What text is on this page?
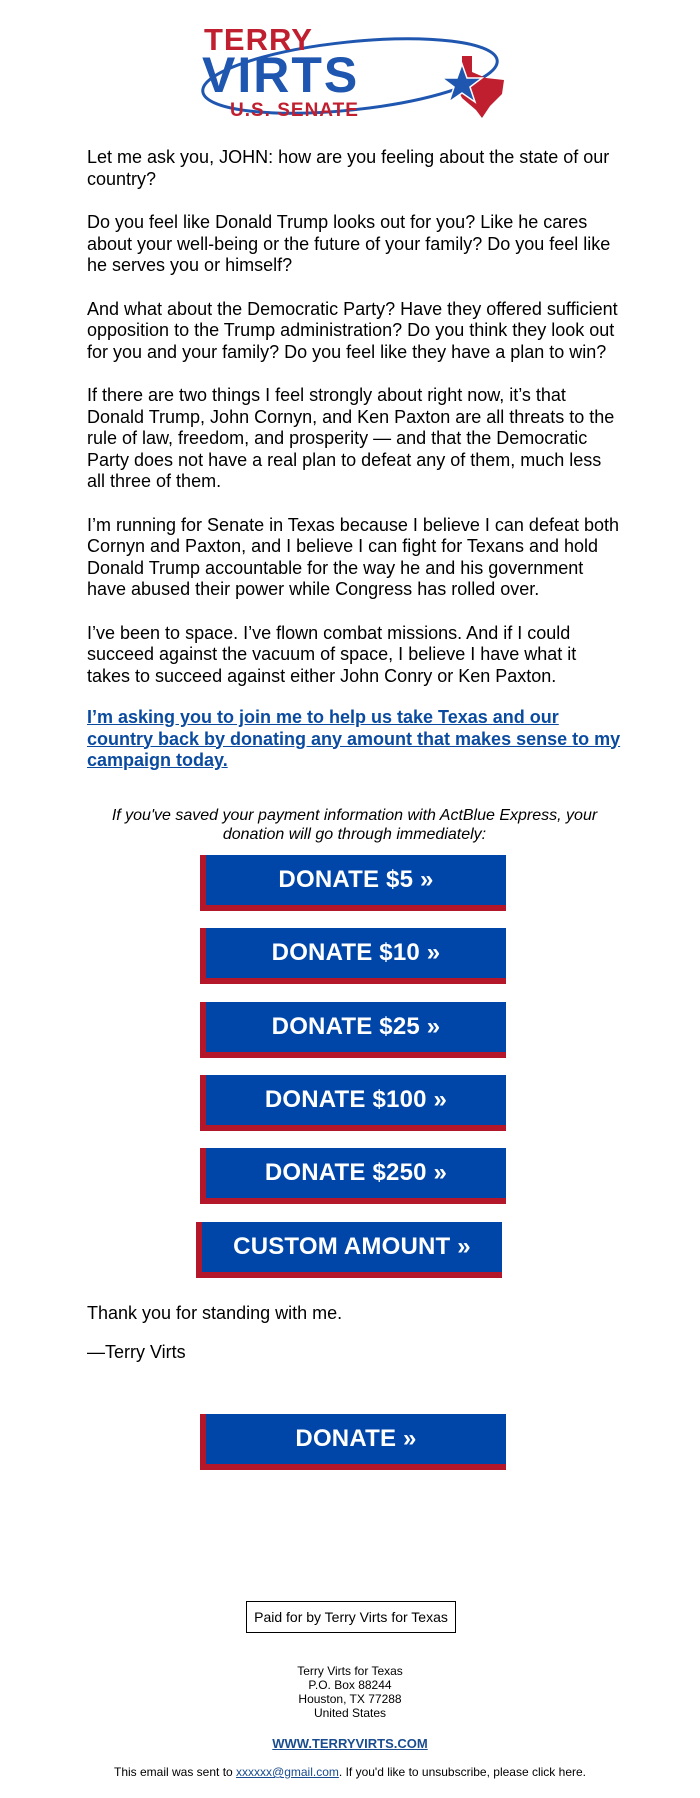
TERRY
VIRTS
U.S. SENATE

Let me ask you, JOHN: how are you feeling about the state of our country?

Do you feel like Donald Trump looks out for you? Like he cares about your well-being or the future of your family? Do you feel like he serves you or himself?

And what about the Democratic Party? Have they offered sufficient opposition to the Trump administration? Do you think they look out for you and your family? Do you feel like they have a plan to win?

If there are two things I feel strongly about right now, it’s that Donald Trump, John Cornyn, and Ken Paxton are all threats to the rule of law, freedom, and prosperity — and that the Democratic Party does not have a real plan to defeat any of them, much less all three of them.

I’m running for Senate in Texas because I believe I can defeat both Cornyn and Paxton, and I believe I can fight for Texans and hold Donald Trump accountable for the way he and his government have abused their power while Congress has rolled over.

I’ve been to space. I’ve flown combat missions. And if I could succeed against the vacuum of space, I believe I have what it takes to succeed against either John Conry or Ken Paxton.

I’m asking you to join me to help us take Texas and our country back by donating any amount that makes sense to my campaign today.
If you've saved your payment information with ActBlue Express, your donation will go through immediately:
DONATE $5 »
DONATE $10 »
DONATE $25 »
DONATE $100 »
DONATE $250 »
CUSTOM AMOUNT »
Thank you for standing with me.
—Terry Virts
DONATE »
Paid for by Terry Virts for Texas
Terry Virts for Texas
P.O. Box 88244
Houston, TX 77288
United States
WWW.TERRYVIRTS.COM
This email was sent to xxxxxx@gmail.com. If you'd like to unsubscribe, please click here.
